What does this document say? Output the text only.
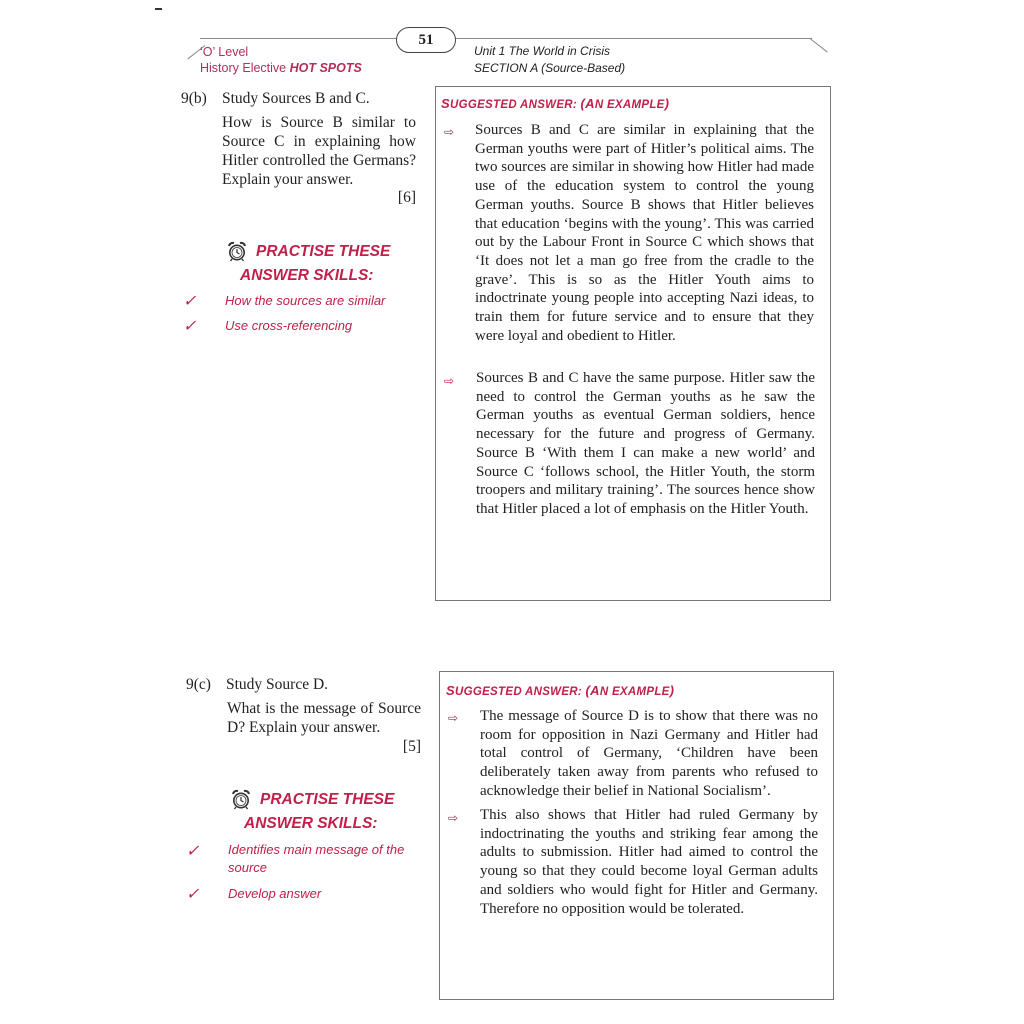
‘O’ Level
History Elective HOT SPOTS
51
Unit 1 The World in Crisis
SECTION A (Source-Based)
9(b) Study Sources B and C.
How is Source B similar to Source C in explaining how Hitler controlled the Germans? Explain your answer.
[6]
PRACTISE THESE
ANSWER SKILLS:
✓ How the sources are similar
✓ Use cross-referencing
SUGGESTED ANSWER: (AN EXAMPLE)
⇨ Sources B and C are similar in explaining that the German youths were part of Hitler’s political aims. The two sources are similar in showing how Hitler had made use of the education system to control the young German youths. Source B shows that Hitler believes that education ‘begins with the young’. This was carried out by the Labour Front in Source C which shows that ‘It does not let a man go free from the cradle to the grave’. This is so as the Hitler Youth aims to indoctrinate young people into accepting Nazi ideas, to train them for future service and to ensure that they were loyal and obedient to Hitler.
⇨ Sources B and C have the same purpose. Hitler saw the need to control the German youths as he saw the German youths as eventual German soldiers, hence necessary for the future and progress of Germany. Source B ‘With them I can make a new world’ and Source C ‘follows school, the Hitler Youth, the storm troopers and military training’. The sources hence show that Hitler placed a lot of emphasis on the Hitler Youth.
9(c) Study Source D.
What is the message of Source D? Explain your answer.
[5]
PRACTISE THESE
ANSWER SKILLS:
✓ Identifies main message of the source
✓ Develop answer
SUGGESTED ANSWER: (AN EXAMPLE)
⇨ The message of Source D is to show that there was no room for opposition in Nazi Germany and Hitler had total control of Germany, ‘Children have been deliberately taken away from parents who refused to acknowledge their belief in National Socialism’.
⇨ This also shows that Hitler had ruled Germany by indoctrinating the youths and striking fear among the adults to submission. Hitler had aimed to control the young so that they could become loyal German adults and soldiers who would fight for Hitler and Germany. Therefore no opposition would be tolerated.
